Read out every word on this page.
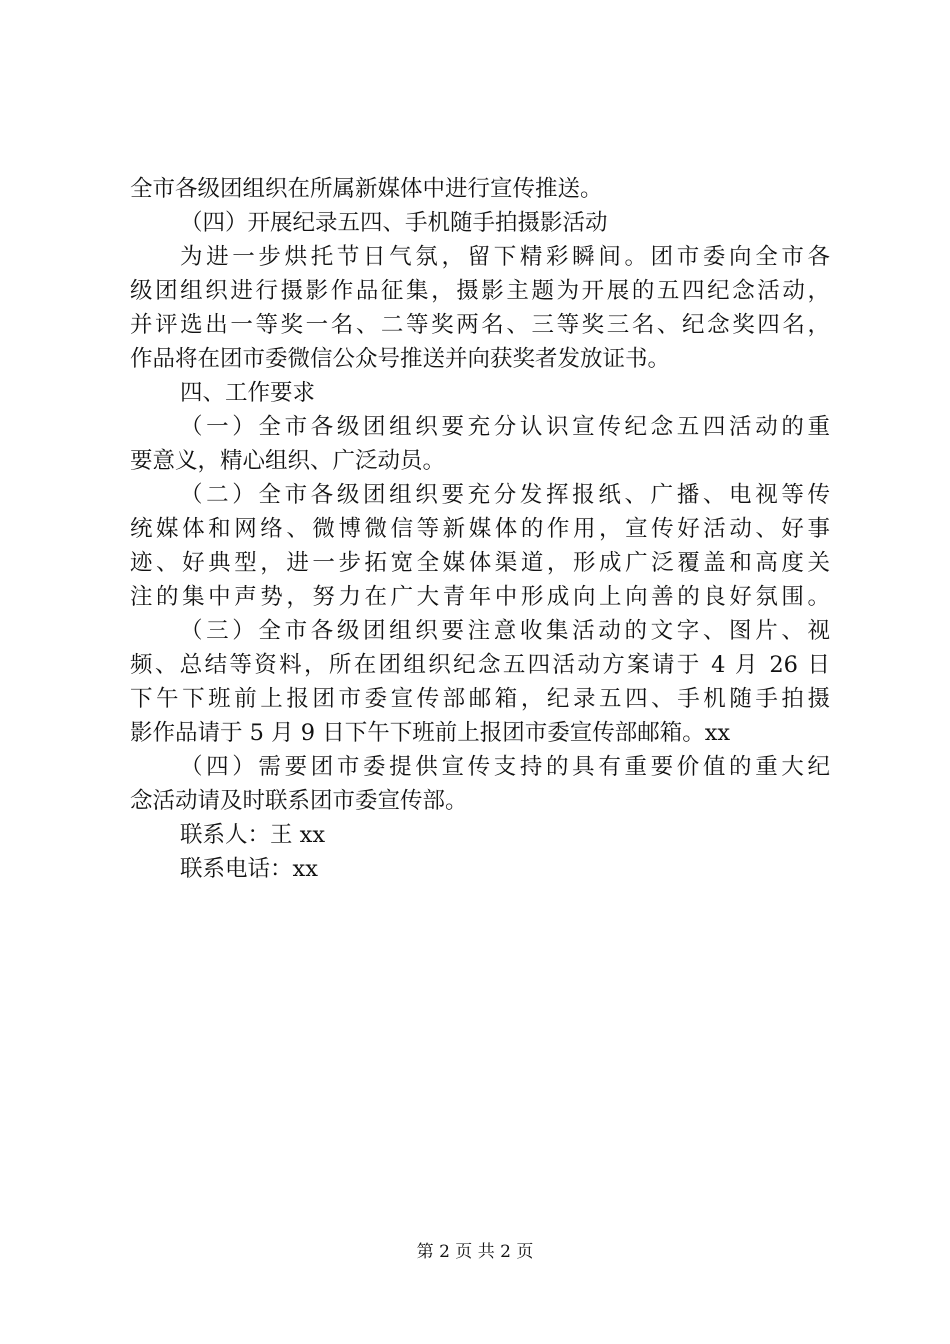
全市各级团组织在所属新媒体中进行宣传推送。
（四）开展纪录五四、手机随手拍摄影活动
为进一步烘托节日气氛，留下精彩瞬间。团市委向全市各
级团组织进行摄影作品征集，摄影主题为开展的五四纪念活动，
并评选出一等奖一名、二等奖两名、三等奖三名、纪念奖四名，
作品将在团市委微信公众号推送并向获奖者发放证书。
四、工作要求
（一）全市各级团组织要充分认识宣传纪念五四活动的重
要意义，精心组织、广泛动员。
（二）全市各级团组织要充分发挥报纸、广播、电视等传
统媒体和网络、微博微信等新媒体的作用，宣传好活动、好事
迹、好典型，进一步拓宽全媒体渠道，形成广泛覆盖和高度关
注的集中声势，努力在广大青年中形成向上向善的良好氛围。
（三）全市各级团组织要注意收集活动的文字、图片、视
频、总结等资料，所在团组织纪念五四活动方案请于 4 月 26 日
下午下班前上报团市委宣传部邮箱，纪录五四、手机随手拍摄
影作品请于 5 月 9 日下午下班前上报团市委宣传部邮箱。xx
（四）需要团市委提供宣传支持的具有重要价值的重大纪
念活动请及时联系团市委宣传部。
联系人：王 xx
联系电话：xx
第 2 页 共 2 页
